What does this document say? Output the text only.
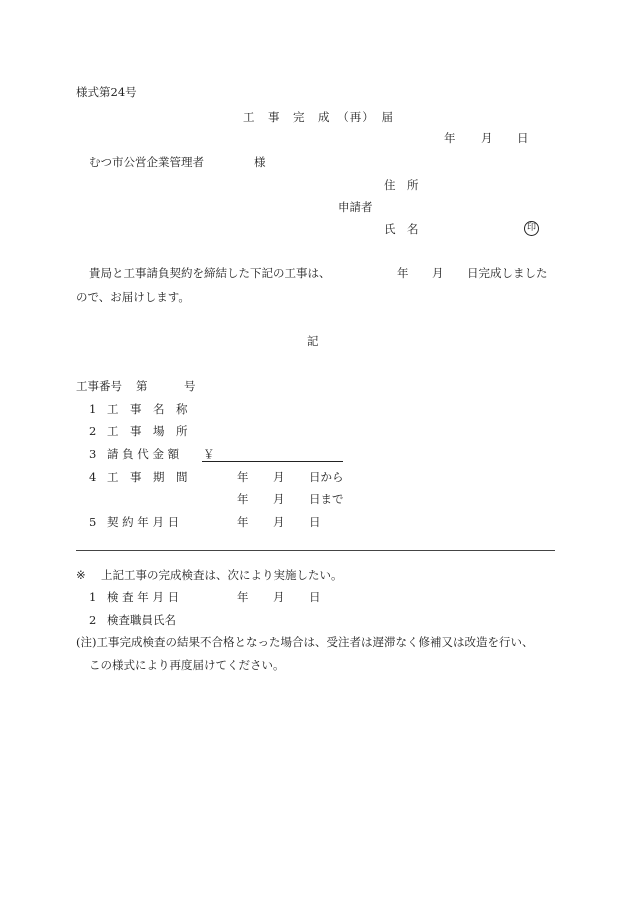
様式第24号
工　事　完　成　（再）　届
年 月 日
むつ市公営企業管理者	様
住　所
申請者
氏　名	印
貴局と工事請負契約を締結した下記の工事は、	年 月 日完成しました
ので、お届けします。
記
工事番号 第	号
1 工　事　名　称
2 工　事　場　所
3 請 負 代 金 額 ￥
4 工　事　期　間	年 月 日から
年 月 日まで
5 契 約 年 月 日	年 月 日
※ 上記工事の完成検査は、次により実施したい。
1 検 査 年 月 日	年 月 日
2 検査職員氏名
(注)工事完成検査の結果不合格となった場合は、受注者は遅滞なく修補又は改造を行い、
この様式により再度届けてください。
